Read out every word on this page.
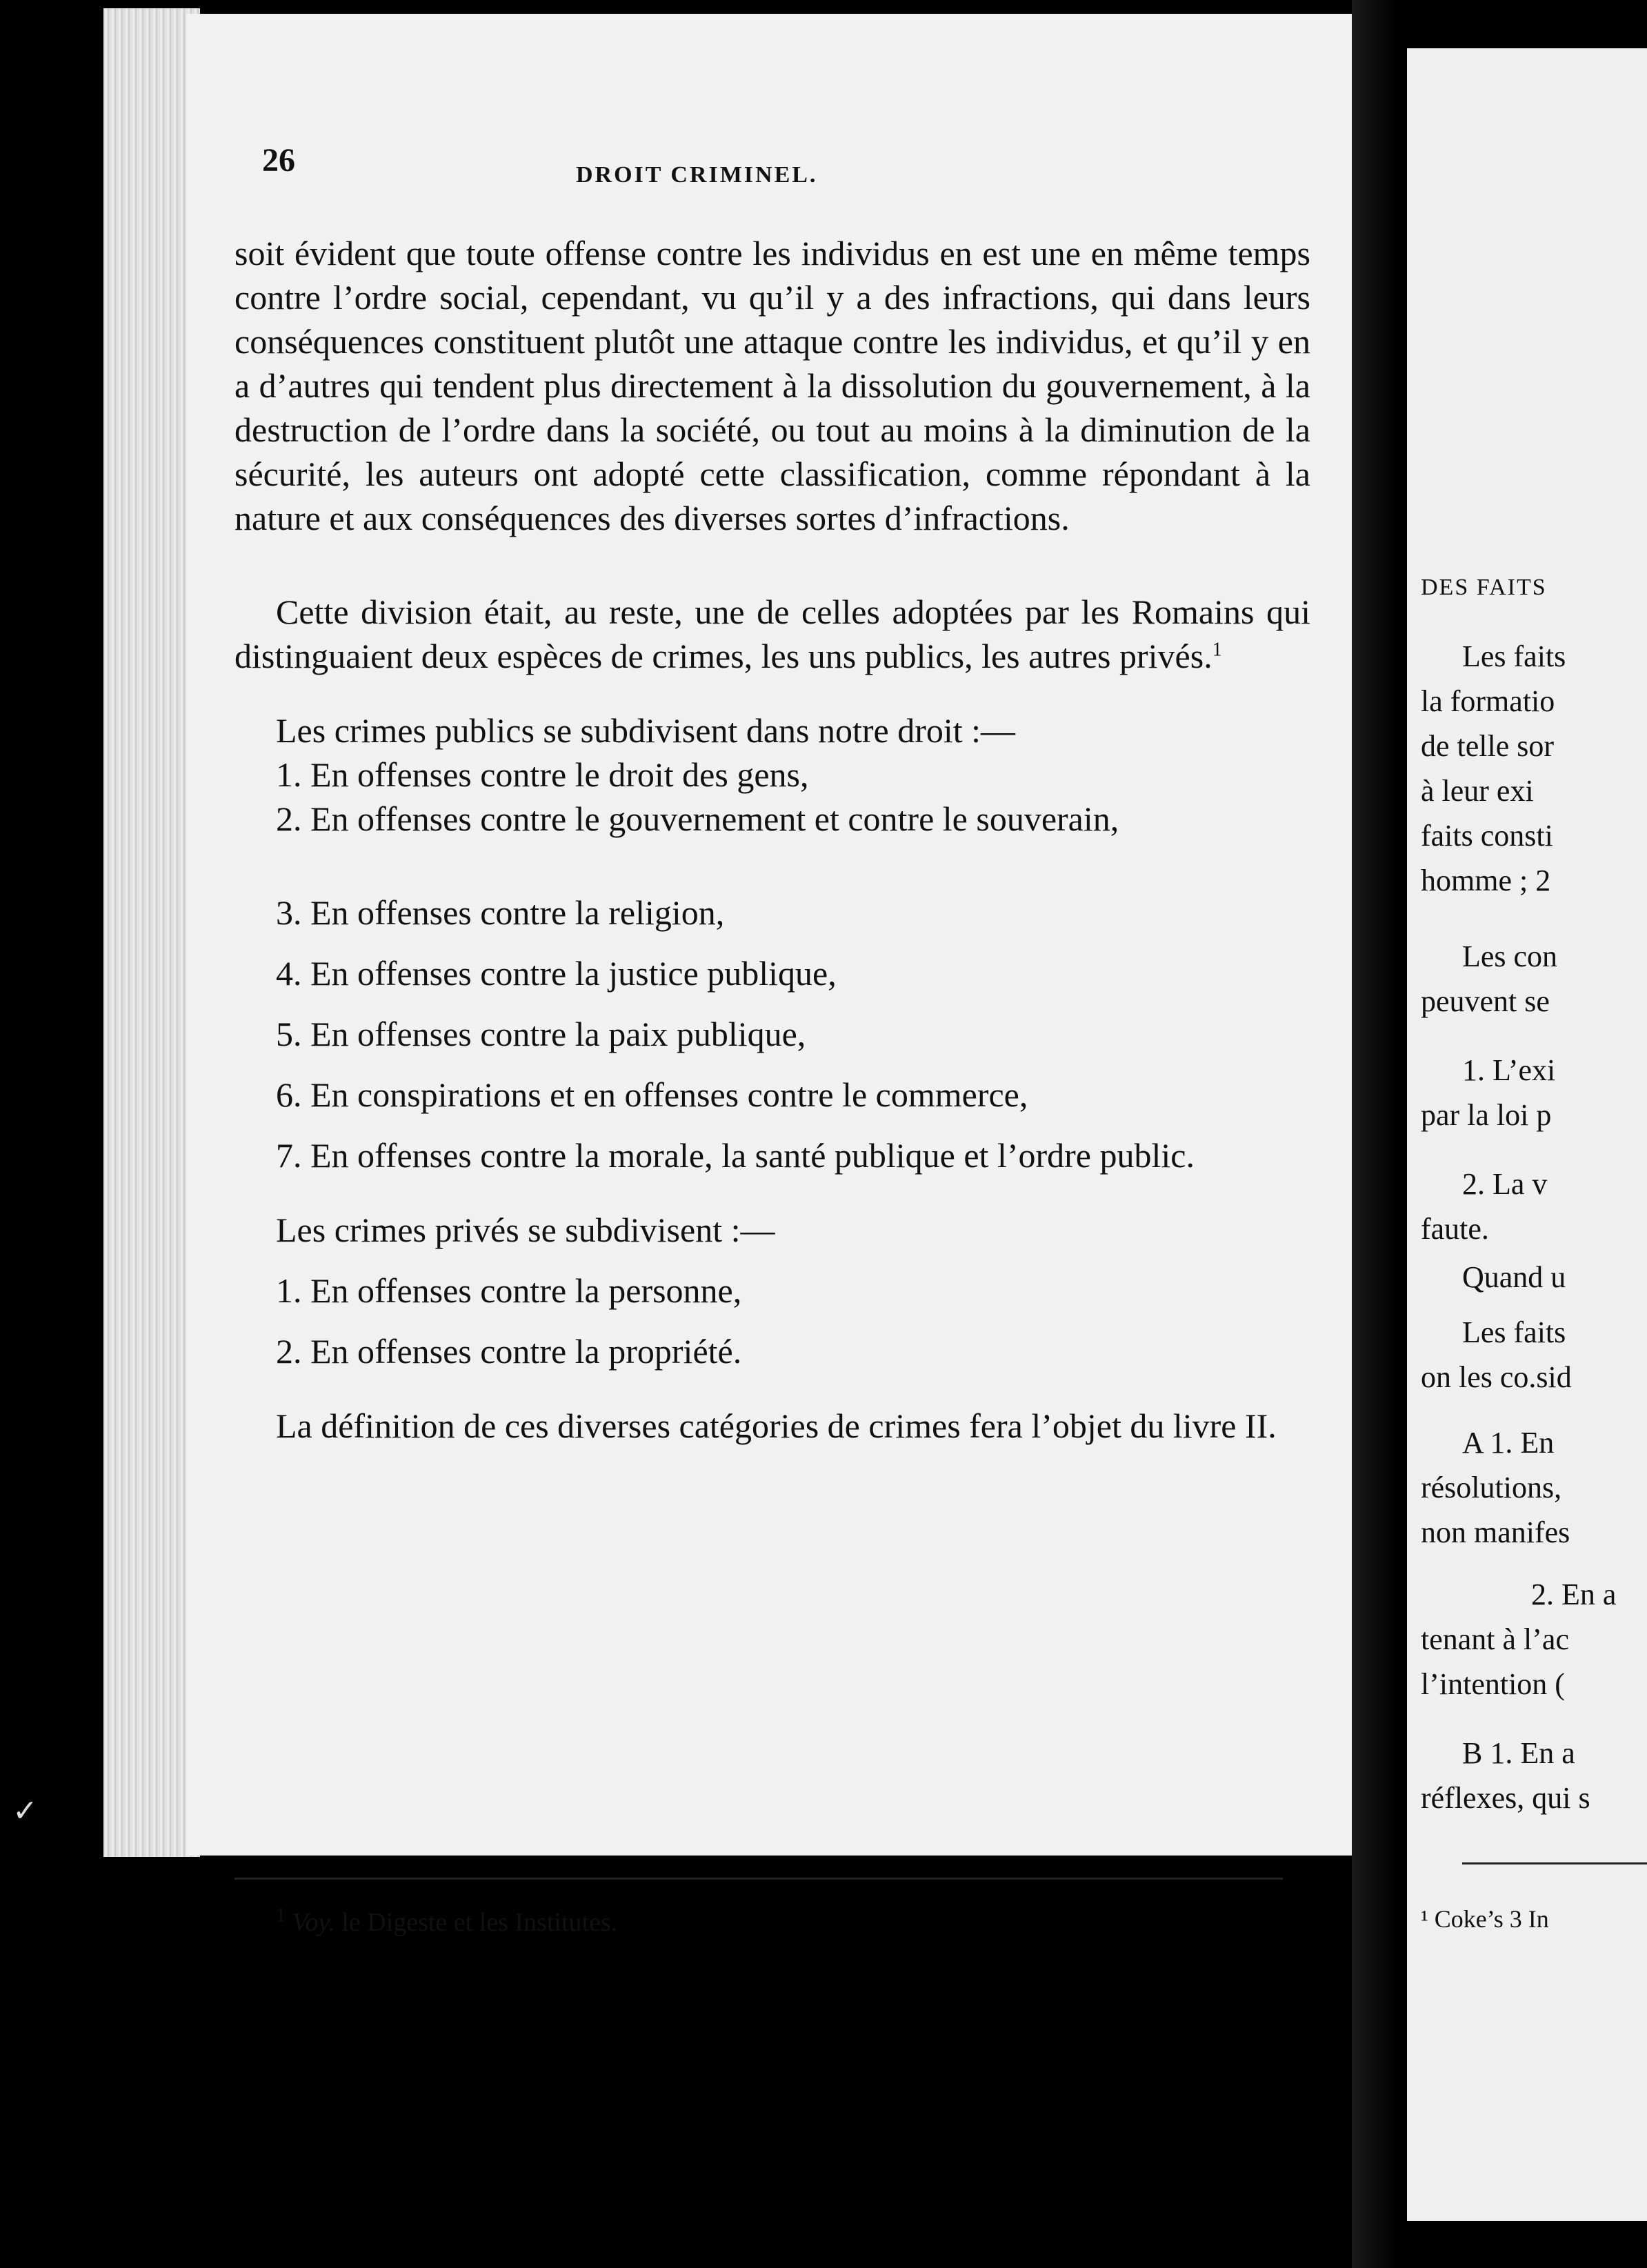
26	DROIT CRIMINEL.

soit évident que toute offense contre les individus en est une en même temps contre l’ordre social, cependant, vu qu’il y a des infractions, qui dans leurs conséquences constituent plutôt une attaque contre les individus, et qu’il y en a d’autres qui tendent plus directement à la dissolution du gouvernement, à la destruction de l’ordre dans la société, ou tout au moins à la diminution de la sécurité, les auteurs ont adopté cette classification, comme répondant à la nature et aux conséquences des diverses sortes d’infractions.

Cette division était, au reste, une de celles adoptées par les Romains qui distinguaient deux espèces de crimes, les uns publics, les autres privés.$^1$

Les crimes publics se subdivisent dans notre droit :—

1. En offenses contre le droit des gens,

2. En offenses contre le gouvernement et contre le souverain,

3. En offenses contre la religion,

4. En offenses contre la justice publique,

5. En offenses contre la paix publique,

6. En conspirations et en offenses contre le commerce,

7. En offenses contre la morale, la santé publique et l’ordre public.

Les crimes privés se subdivisent :—

1. En offenses contre la personne,

2. En offenses contre la propriété.

La définition de ces diverses catégories de crimes fera l’objet du livre II.

$^1$ Voy. le Digeste et les Institutes.
DES FAITS
Les faits
la formatio
de telle sor
à leur exi
faits consti
homme ; 2
Les con
peuvent se
1. L’exi
par la loi p
2. La v
faute.
Quand u
Les faits
on les co.sid
A 1. En
résolutions,
non manifes
2. En a
tenant à l’ac
l’intention (
B 1. En a
réflexes, qui s
¹ Coke’s 3 In
✓
